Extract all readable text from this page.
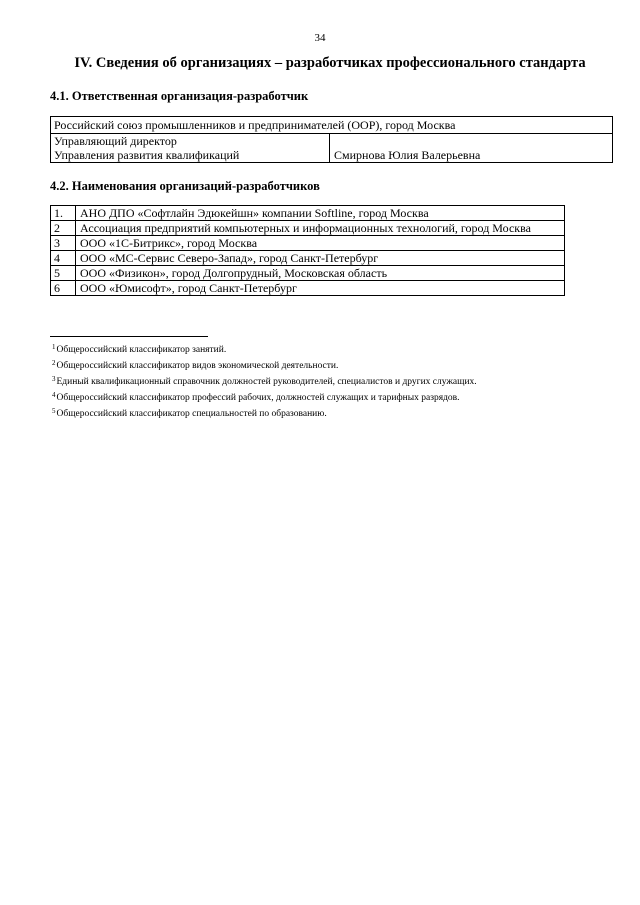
34
IV. Сведения об организациях – разработчиках профессионального стандарта
4.1. Ответственная организация-разработчик
Российский союз промышленников и предпринимателей (ООР), город Москва

Управляющий директор
Управления развития квалификаций	Смирнова Юлия Валерьевна
4.2. Наименования организаций-разработчиков
1.	АНО ДПО «Софтлайн Эдюкейшн» компании Softline, город Москва
2	Ассоциация предприятий компьютерных и информационных технологий, город Москва
3	ООО «1С-Битрикс», город Москва
4	ООО «МС-Сервис Северо-Запад», город Санкт-Петербург
5	ООО «Физикон», город Долгопрудный, Московская область
6	ООО «Юмисофт», город Санкт-Петербург
$^1$Общероссийский классификатор занятий.
$^2$Общероссийский классификатор видов экономической деятельности.
$^3$Единый квалификационный справочник должностей руководителей, специалистов и других служащих.
$^4$Общероссийский классификатор профессий рабочих, должностей служащих и тарифных разрядов.
$^5$Общероссийский классификатор специальностей по образованию.
